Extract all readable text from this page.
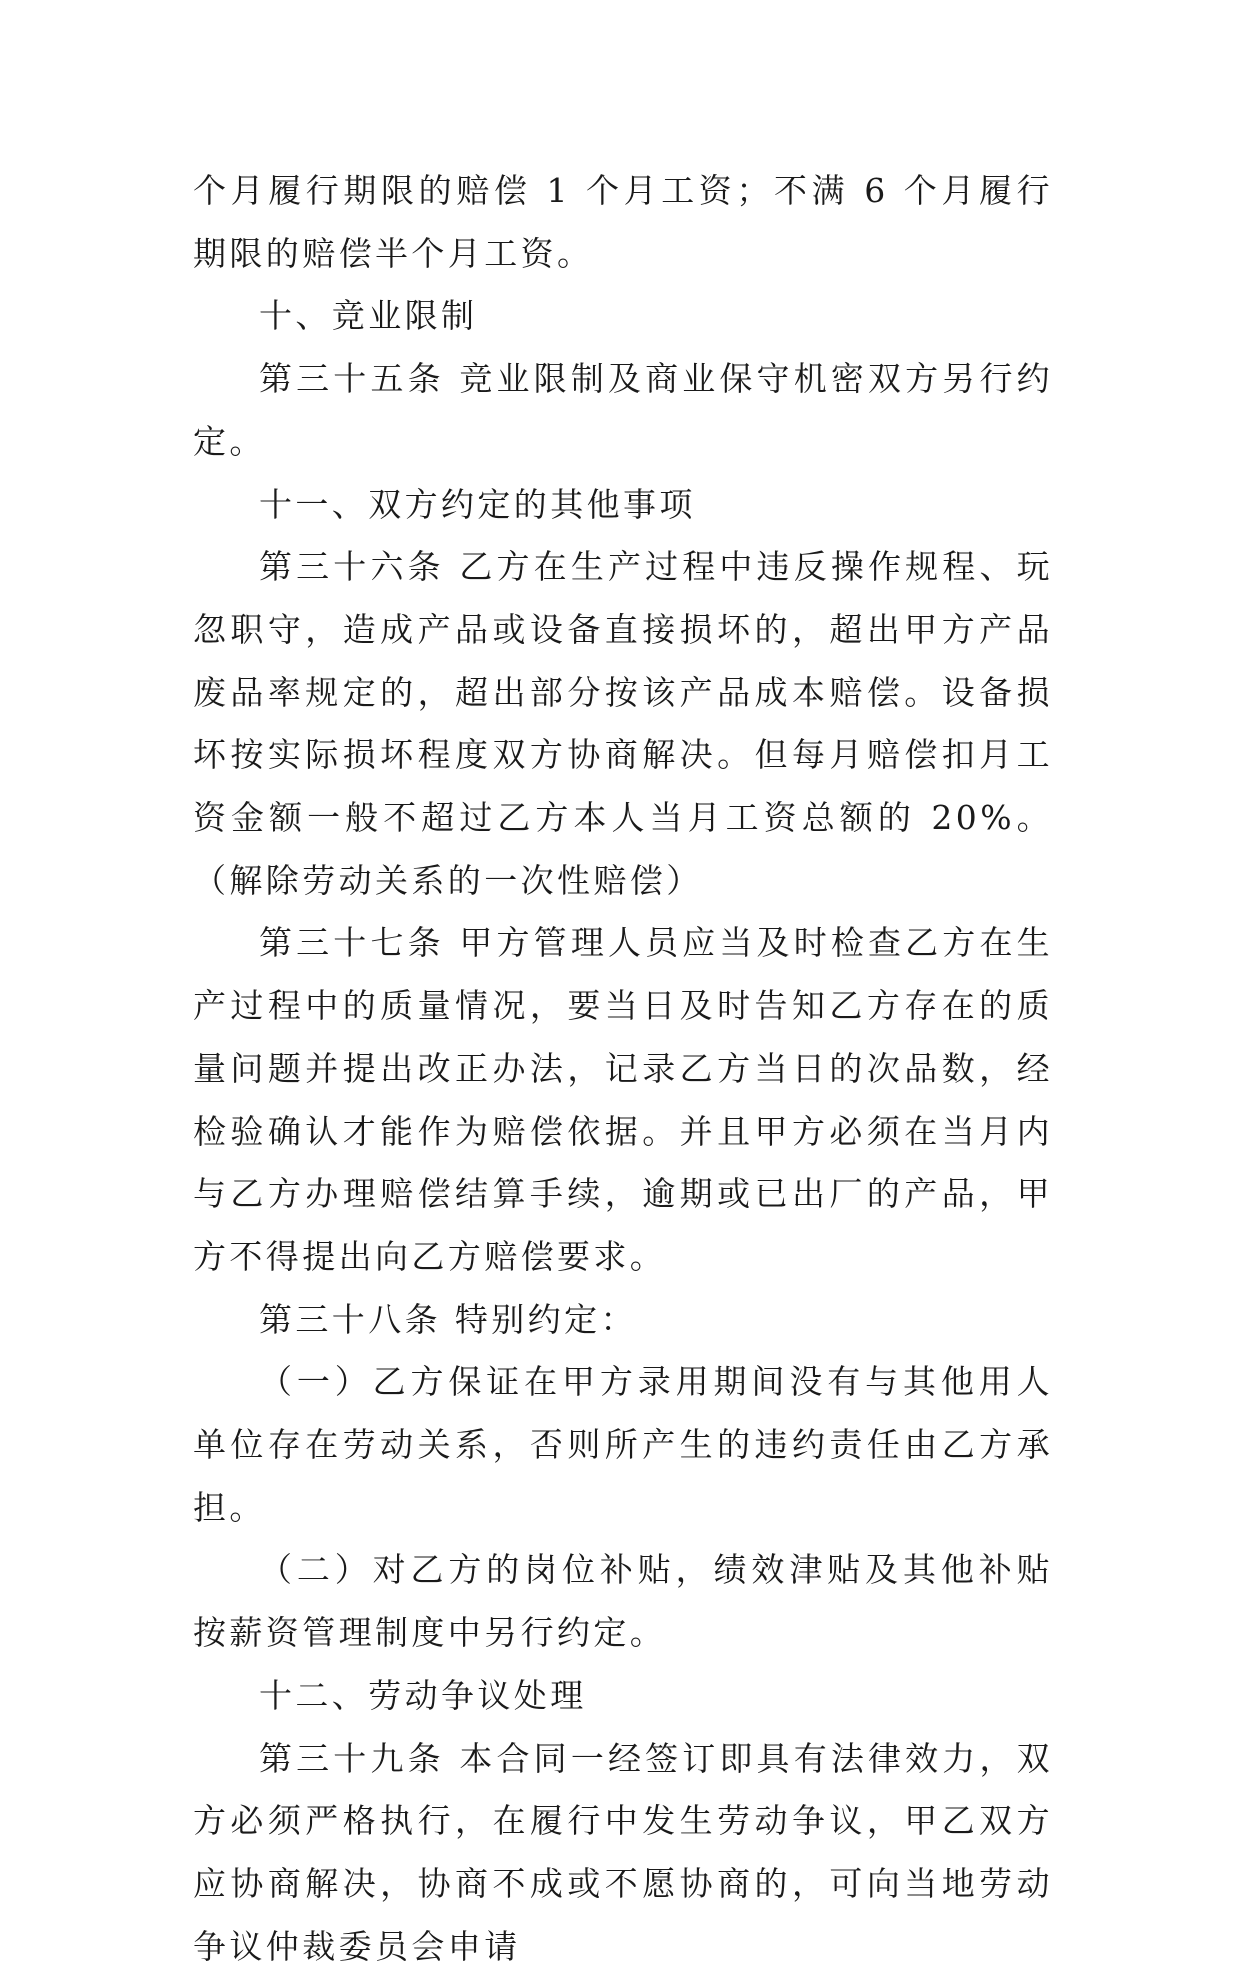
个月履行期限的赔偿 1 个月工资；不满 6 个月履行期限的赔偿半个月工资。

十、竞业限制

第三十五条 竞业限制及商业保守机密双方另行约定。

十一、双方约定的其他事项

第三十六条 乙方在生产过程中违反操作规程、玩忽职守，造成产品或设备直接损坏的，超出甲方产品废品率规定的，超出部分按该产品成本赔偿。设备损坏按实际损坏程度双方协商解决。但每月赔偿扣月工资金额一般不超过乙方本人当月工资总额的 20%。（解除劳动关系的一次性赔偿）

第三十七条 甲方管理人员应当及时检查乙方在生产过程中的质量情况，要当日及时告知乙方存在的质量问题并提出改正办法，记录乙方当日的次品数，经检验确认才能作为赔偿依据。并且甲方必须在当月内与乙方办理赔偿结算手续，逾期或已出厂的产品，甲方不得提出向乙方赔偿要求。

第三十八条 特别约定：

（一）乙方保证在甲方录用期间没有与其他用人单位存在劳动关系，否则所产生的违约责任由乙方承担。

（二）对乙方的岗位补贴，绩效津贴及其他补贴按薪资管理制度中另行约定。

十二、劳动争议处理

第三十九条 本合同一经签订即具有法律效力，双方必须严格执行，在履行中发生劳动争议，甲乙双方应协商解决，协商不成或不愿协商的，可向当地劳动争议仲裁委员会申请
